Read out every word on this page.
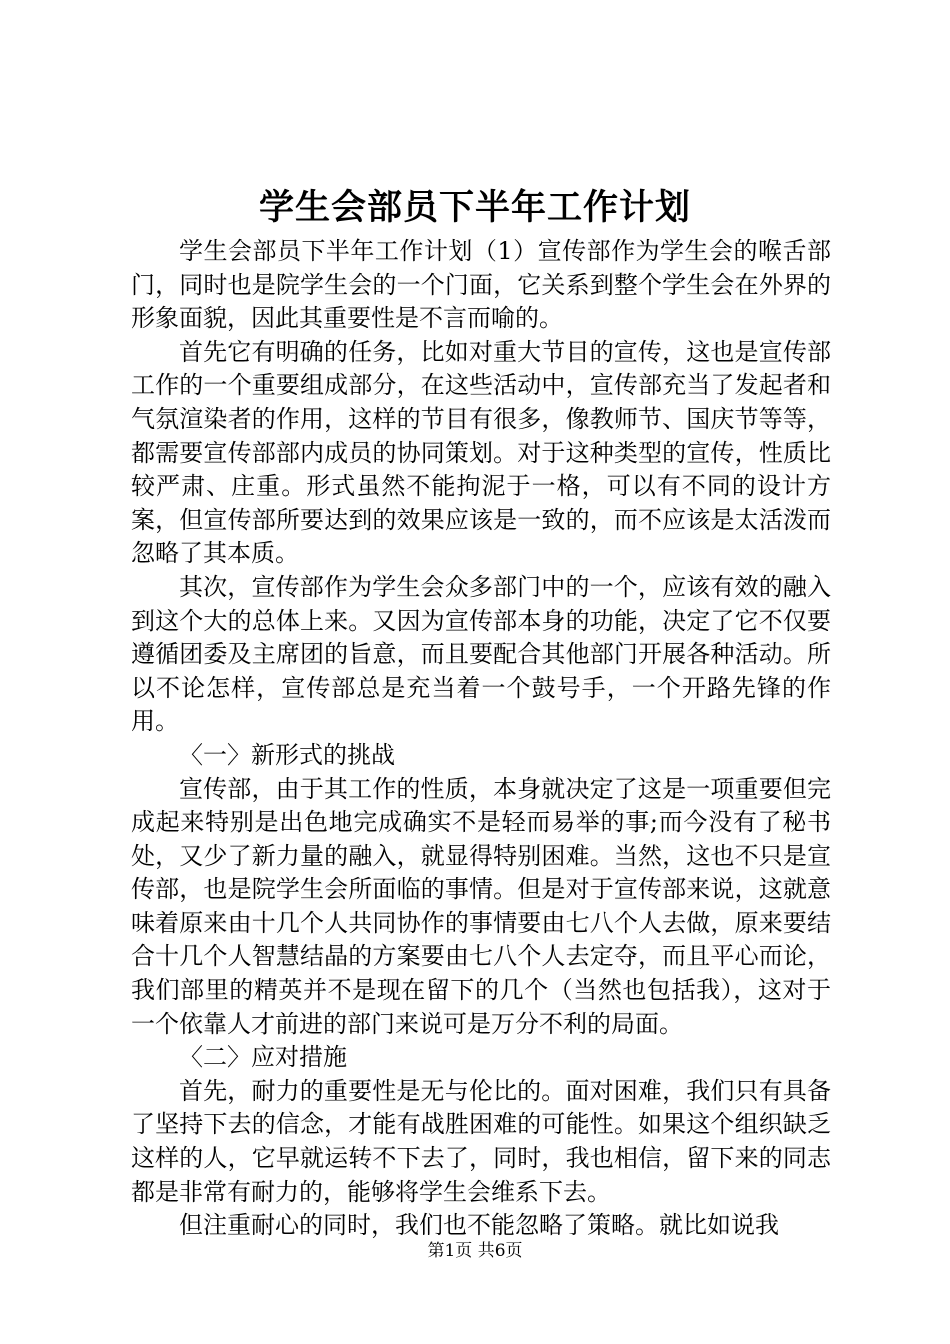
学生会部员下半年工作计划

学生会部员下半年工作计划（1）宣传部作为学生会的喉舌部门，同时也是院学生会的一个门面，它关系到整个学生会在外界的形象面貌，因此其重要性是不言而喻的。

首先它有明确的任务，比如对重大节目的宣传，这也是宣传部工作的一个重要组成部分，在这些活动中，宣传部充当了发起者和气氛渲染者的作用，这样的节目有很多，像教师节、国庆节等等，都需要宣传部部内成员的协同策划。对于这种类型的宣传，性质比较严肃、庄重。形式虽然不能拘泥于一格，可以有不同的设计方案，但宣传部所要达到的效果应该是一致的，而不应该是太活泼而忽略了其本质。

其次，宣传部作为学生会众多部门中的一个，应该有效的融入到这个大的总体上来。又因为宣传部本身的功能，决定了它不仅要遵循团委及主席团的旨意，而且要配合其他部门开展各种活动。所以不论怎样，宣传部总是充当着一个鼓号手，一个开路先锋的作用。

〈一〉新形式的挑战

宣传部，由于其工作的性质，本身就决定了这是一项重要但完成起来特别是出色地完成确实不是轻而易举的事;而今没有了秘书处，又少了新力量的融入，就显得特别困难。当然，这也不只是宣传部，也是院学生会所面临的事情。但是对于宣传部来说，这就意味着原来由十几个人共同协作的事情要由七八个人去做，原来要结合十几个人智慧结晶的方案要由七八个人去定夺，而且平心而论，我们部里的精英并不是现在留下的几个（当然也包括我），这对于一个依靠人才前进的部门来说可是万分不利的局面。

〈二〉应对措施

首先，耐力的重要性是无与伦比的。面对困难，我们只有具备了坚持下去的信念，才能有战胜困难的可能性。如果这个组织缺乏这样的人，它早就运转不下去了，同时，我也相信，留下来的同志都是非常有耐力的，能够将学生会维系下去。

但注重耐心的同时，我们也不能忽略了策略。就比如说我

第1页 共6页
